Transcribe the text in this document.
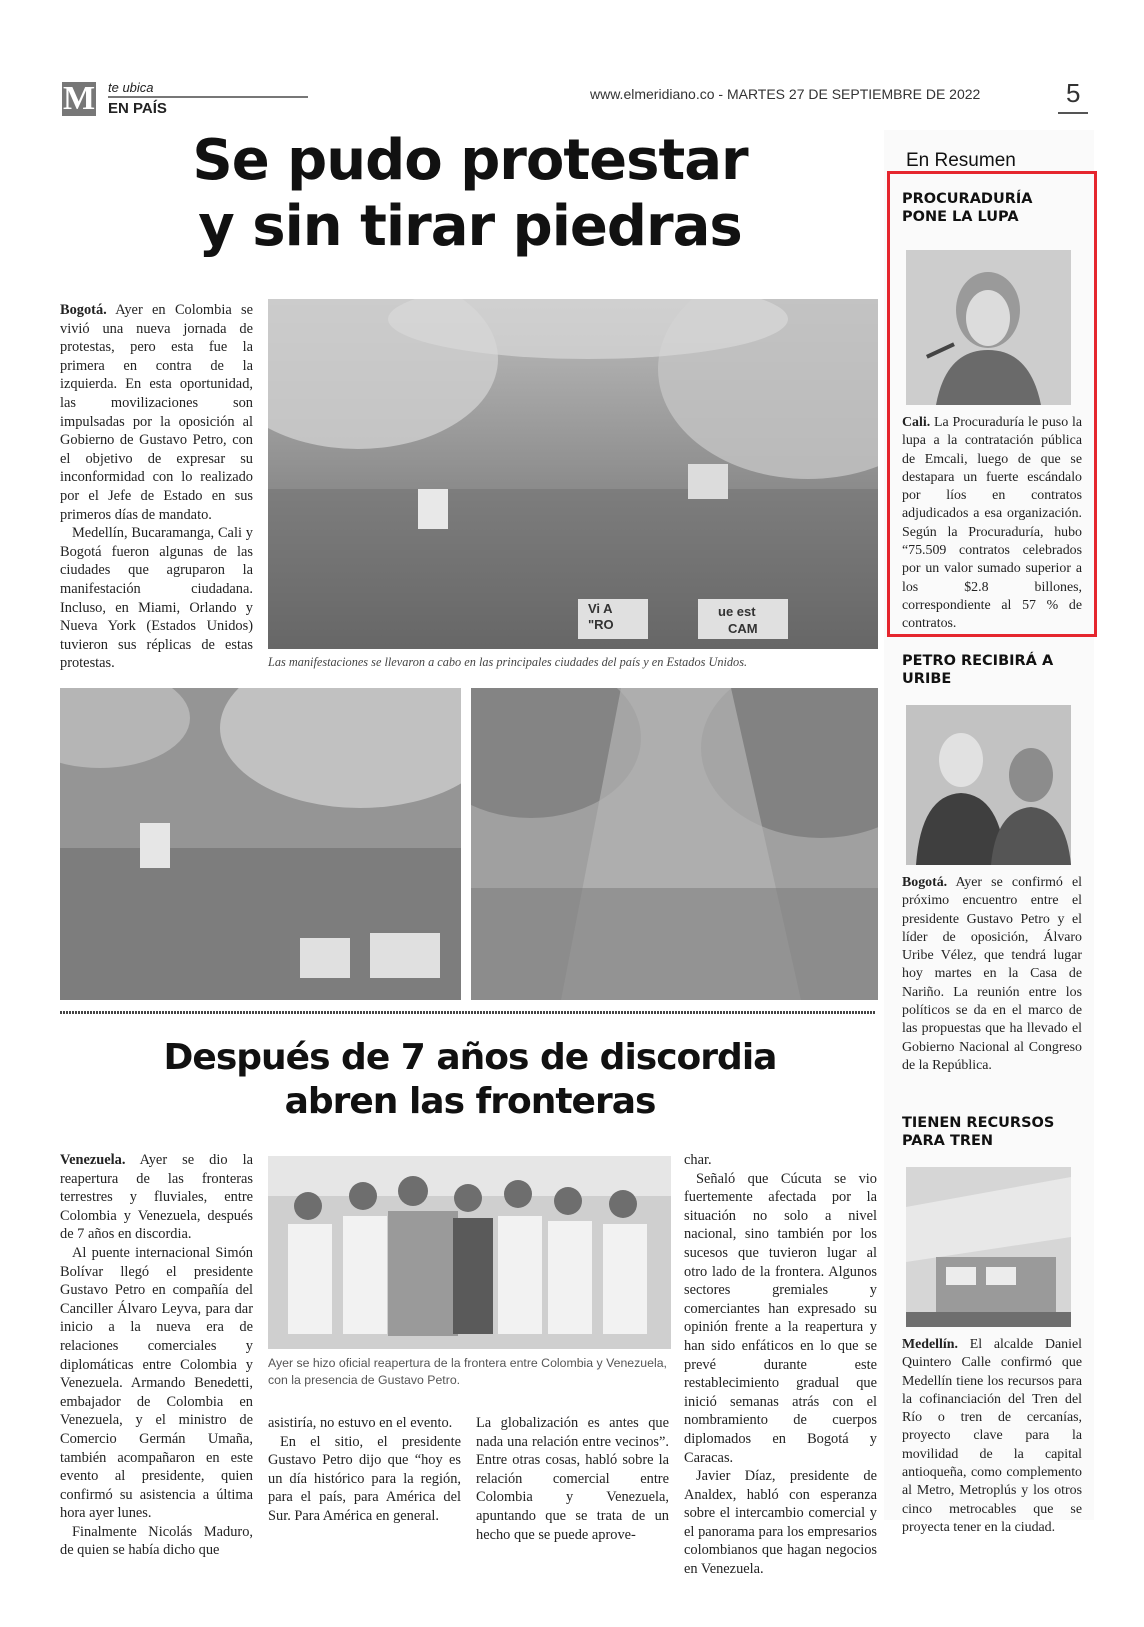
M te ubica
EN PAÍS
www.elmeridiano.co - MARTES 27 DE SEPTIEMBRE DE 2022	5
Se pudo protestar
y sin tirar piedras

Bogotá. Ayer en Colombia se vivió una nueva jornada de protestas, pero esta fue la primera en contra de la izquierda. En esta oportunidad, las movilizaciones son impulsadas por la oposición al Gobierno de Gustavo Petro, con el objetivo de expresar su inconformidad con lo realizado por el Jefe de Estado en sus primeros días de mandato.

Medellín, Bucaramanga, Cali y Bogotá fueron algunas de las ciudades que agruparon la manifestación ciudadana. Incluso, en Miami, Orlando y Nueva York (Estados Unidos) tuvieron sus réplicas de estas protestas.

Vi A
"RO
ue est
CAM
Las manifestaciones se llevaron a cabo en las principales ciudades del país y en Estados Unidos.
Después de 7 años de discordia
abren las fronteras

Venezuela. Ayer se dio la reapertura de las fronteras terrestres y fluviales, entre Colombia y Venezuela, después de 7 años en discordia.

Al puente internacional Simón Bolívar llegó el presidente Gustavo Petro en compañía del Canciller Álvaro Leyva, para dar inicio a la nueva era de relaciones comerciales y diplomáticas entre Colombia y Venezuela. Armando Benedetti, embajador de Colombia en Venezuela, y el ministro de Comercio Germán Umaña, también acompañaron en este evento al presidente, quien confirmó su asistencia a última hora ayer lunes.

Finalmente Nicolás Maduro, de quien se había dicho que

Ayer se hizo oficial reapertura de la frontera entre Colombia y Venezuela, con la presencia de Gustavo Petro.

asistiría, no estuvo en el evento.

En el sitio, el presidente Gustavo Petro dijo que “hoy es un día histórico para la región, para el país, para América del Sur. Para América en general.

La globalización es antes que nada una relación entre vecinos”. Entre otras cosas, habló sobre la relación comercial entre Colombia y Venezuela, apuntando que se trata de un hecho que se puede aprove-

char.

Señaló que Cúcuta se vio fuertemente afectada por la situación no solo a nivel nacional, sino también por los sucesos que tuvieron lugar al otro lado de la frontera. Algunos sectores gremiales y comerciantes han expresado su opinión frente a la reapertura y han sido enfáticos en lo que se prevé durante este restablecimiento gradual que inició semanas atrás con el nombramiento de cuerpos diplomados en Bogotá y Caracas.

Javier Díaz, presidente de Analdex, habló con esperanza sobre el intercambio comercial y el panorama para los empresarios colombianos que hagan negocios en Venezuela.

En Resumen
PROCURADURÍA PONE LA LUPA
Cali. La Procuraduría le puso la lupa a la contratación pública de Emcali, luego de que se destapara un fuerte escándalo por líos en contratos adjudicados a esa organización. Según la Procuraduría, hubo “75.509 contratos celebrados por un valor sumado superior a los $2.8 billones, correspondiente al 57 % de contratos.
PETRO RECIBIRÁ A URIBE
Bogotá. Ayer se confirmó el próximo encuentro entre el presidente Gustavo Petro y el líder de oposición, Álvaro Uribe Vélez, que tendrá lugar hoy martes en la Casa de Nariño. La reunión entre los políticos se da en el marco de las propuestas que ha llevado el Gobierno Nacional al Congreso de la República.
TIENEN RECURSOS PARA TREN
Medellín. El alcalde Daniel Quintero Calle confirmó que Medellín tiene los recursos para la cofinanciación del Tren del Río o tren de cercanías, proyecto clave para la movilidad de la capital antioqueña, como complemento al Metro, Metroplús y los otros cinco metrocables que se proyecta tener en la ciudad.
